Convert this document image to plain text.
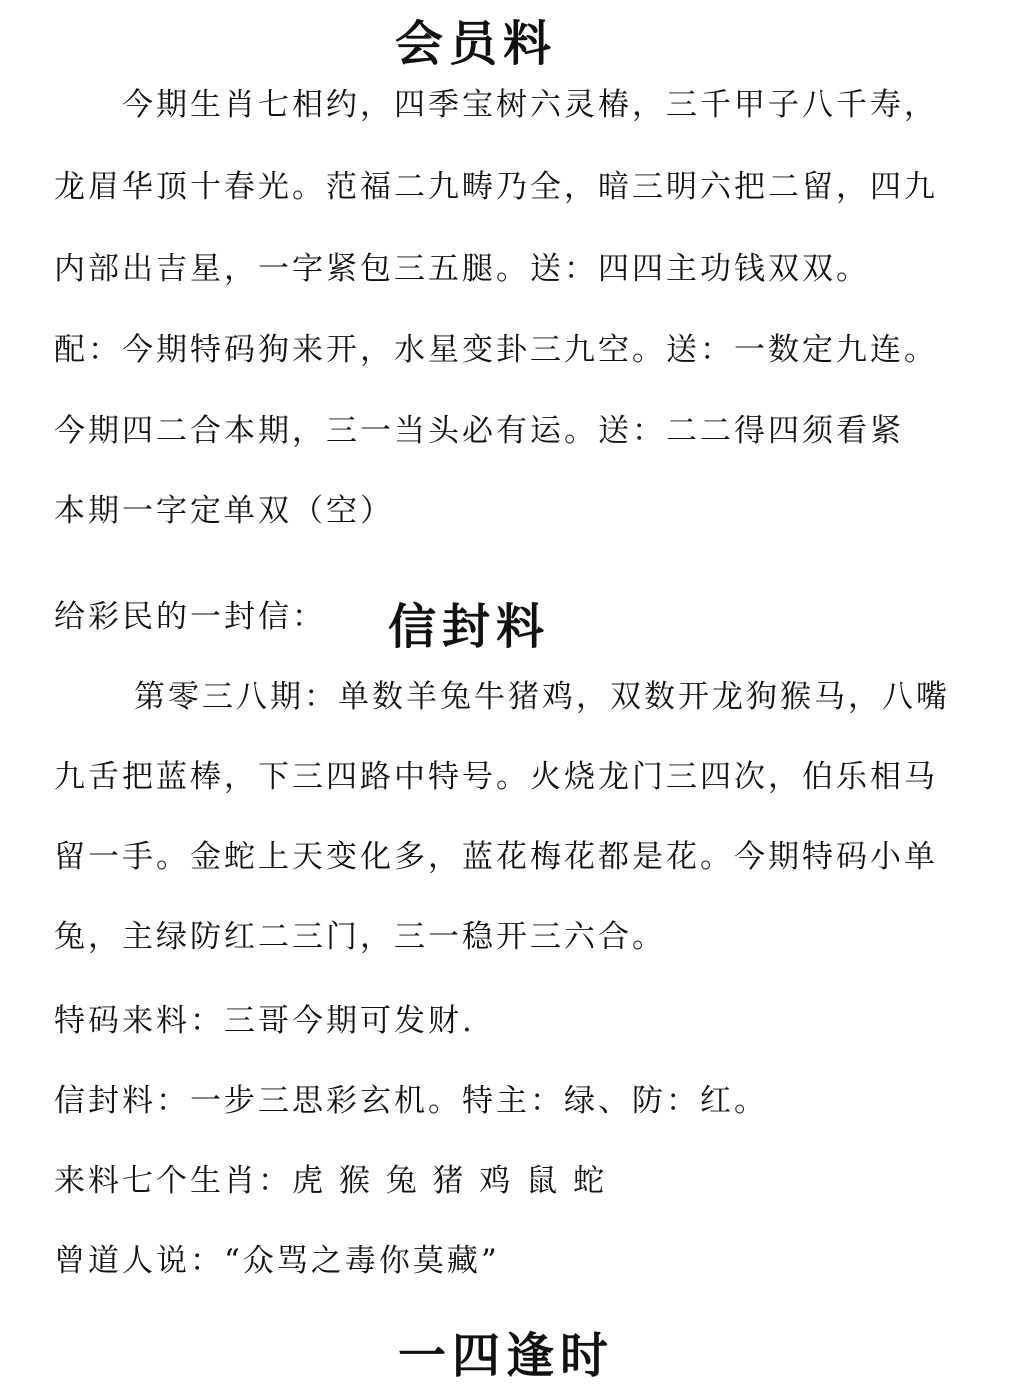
会员料
今期生肖七相约，四季宝树六灵椿，三千甲子八千寿，
龙眉华顶十春光。范福二九畴乃全，暗三明六把二留，四九
内部出吉星，一字紧包三五腿。送：四四主功钱双双。
配：今期特码狗来开，水星变卦三九空。送：一数定九连。
今期四二合本期，三一当头必有运。送：二二得四须看紧
本期一字定单双（空）
给彩民的一封信： 信封料
第零三八期：单数羊兔牛猪鸡，双数开龙狗猴马，八嘴
九舌把蓝棒，下三四路中特号。火烧龙门三四次，伯乐相马
留一手。金蛇上天变化多，蓝花梅花都是花。今期特码小单
兔，主绿防红二三门，三一稳开三六合。
特码来料：三哥今期可发财.
信封料：一步三思彩玄机。特主：绿、防：红。
来料七个生肖：虎 猴 兔 猪 鸡 鼠 蛇
曾道人说：“众骂之毒你莫藏”
一四逢时
